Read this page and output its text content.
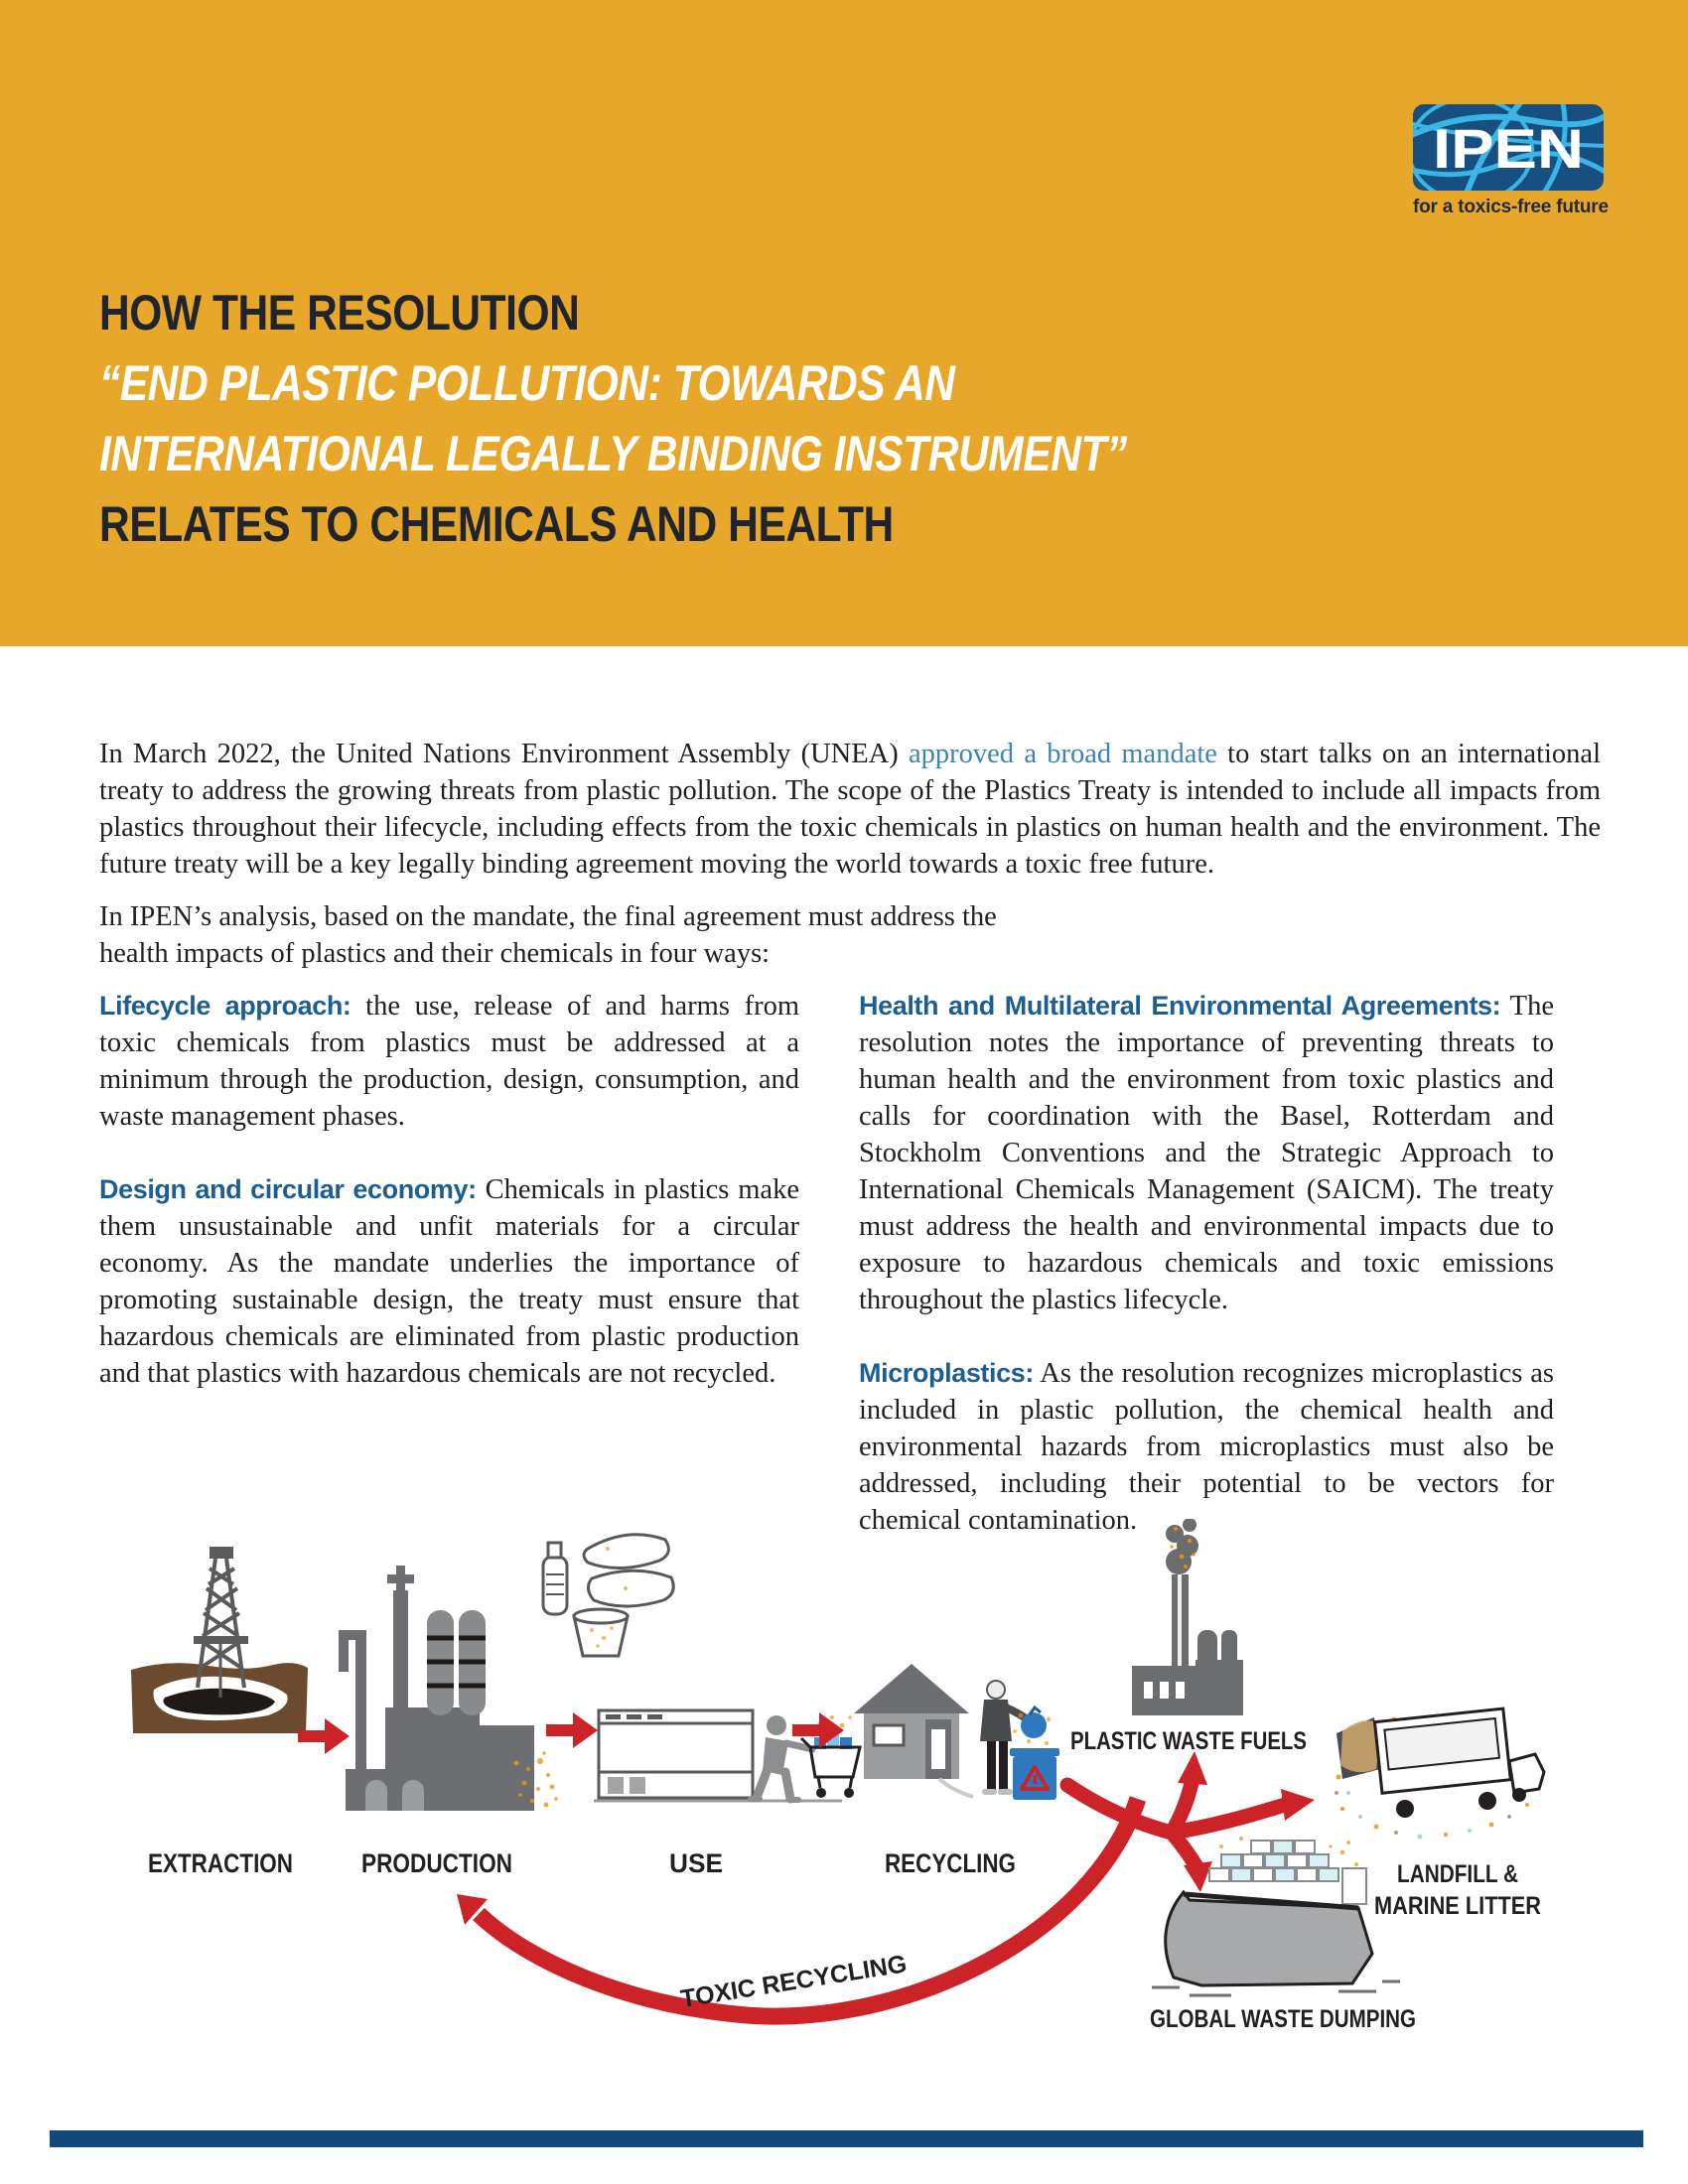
IPEN
for a toxics-free future
HOW THE RESOLUTION
“END PLASTIC POLLUTION: TOWARDS AN
INTERNATIONAL LEGALLY BINDING INSTRUMENT”
RELATES TO CHEMICALS AND HEALTH

In March 2022, the United Nations Environment Assembly (UNEA) approved a broad mandate to start talks on an international treaty to address the growing threats from plastic pollution. The scope of the Plastics Treaty is intended to include all impacts from plastics throughout their lifecycle, including effects from the toxic chemicals in plastics on human health and the environment. The future treaty will be a key legally binding agreement moving the world towards a toxic free future.

In IPEN’s analysis, based on the mandate, the final agreement must address the health impacts of plastics and their chemicals in four ways:

Lifecycle approach: the use, release of and harms from toxic chemicals from plastics must be addressed at a minimum through the production, design, consumption, and waste management phases.

Design and circular economy: Chemicals in plastics make them unsustainable and unfit materials for a circular economy. As the mandate underlies the importance of promoting sustainable design, the treaty must ensure that hazardous chemicals are eliminated from plastic production and that plastics with hazardous chemicals are not recycled.

Health and Multilateral Environmental Agreements: The resolution notes the importance of preventing threats to human health and the environment from toxic plastics and calls for coordination with the Basel, Rotterdam and Stockholm Conventions and the Strategic Approach to International Chemicals Management (SAICM). The treaty must address the health and environmental impacts due to exposure to hazardous chemicals and toxic emissions throughout the plastics lifecycle.

Microplastics: As the resolution recognizes microplastics as included in plastic pollution, the chemical health and environmental hazards from microplastics must also be addressed, including their potential to be vectors for chemical contamination.

TOXIC RECYCLING
PLASTIC WASTE FUELS
LANDFILL &
MARINE LITTER
GLOBAL WASTE DUMPING
EXTRACTION	PRODUCTION	USE	RECYCLING
